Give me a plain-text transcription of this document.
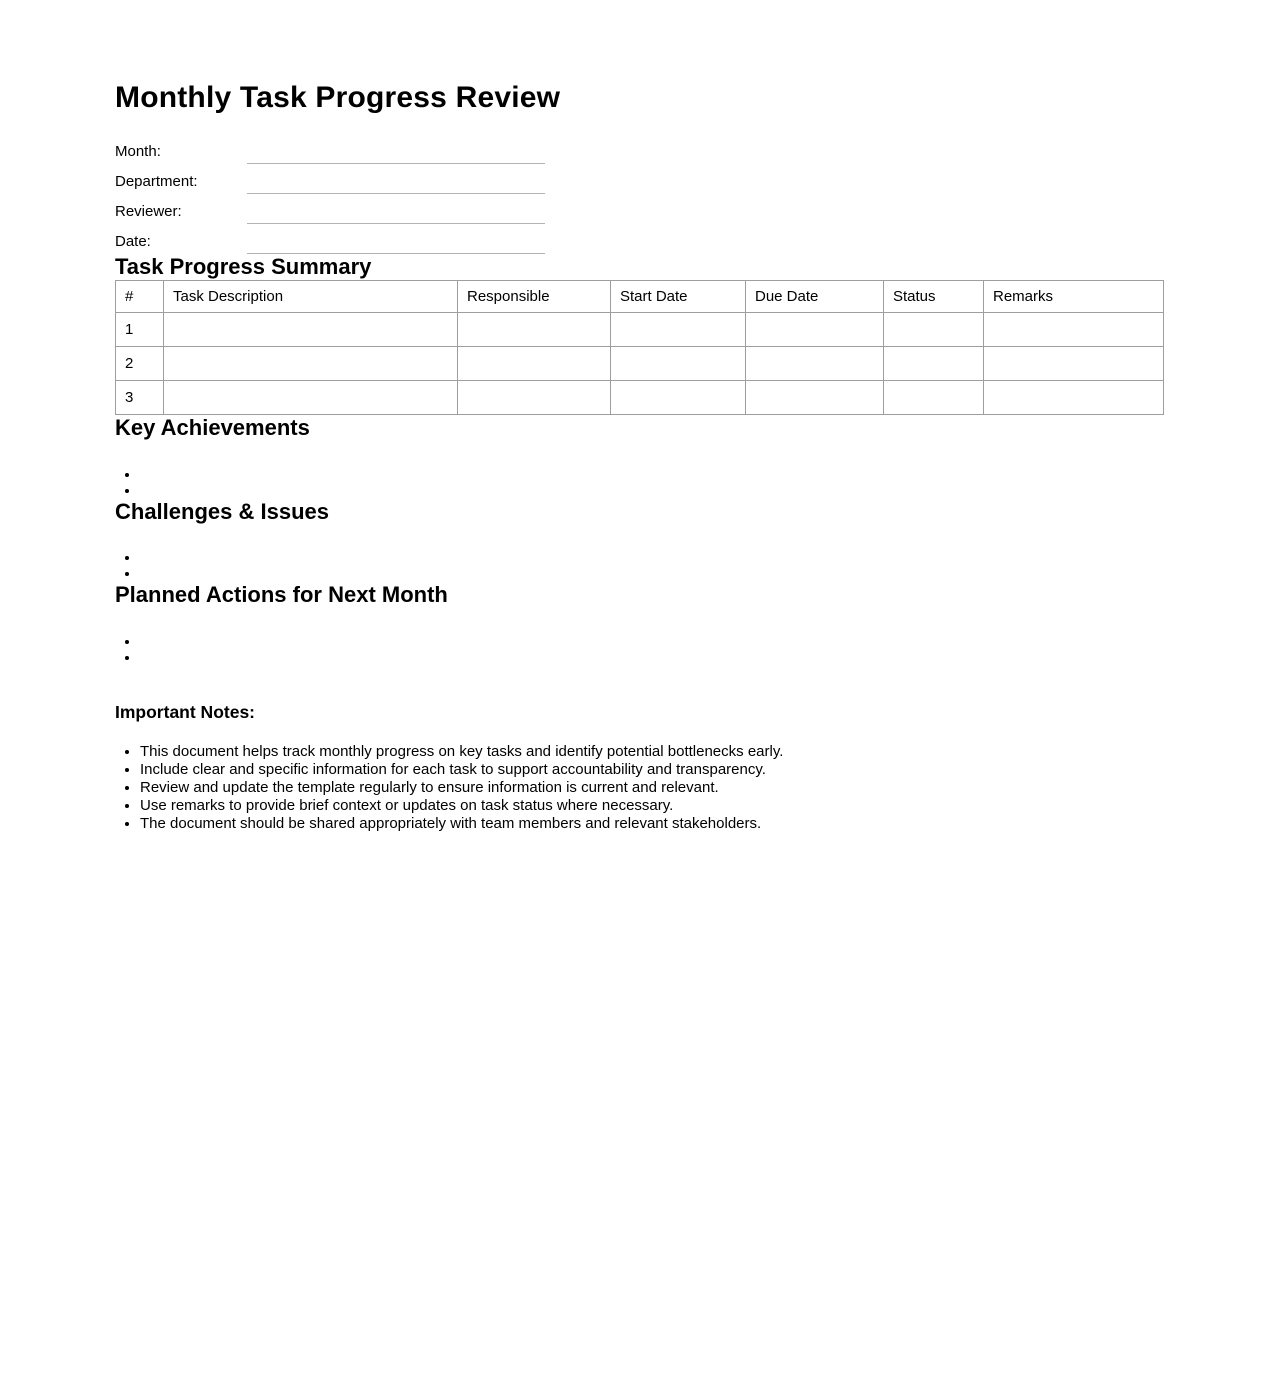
Monthly Task Progress Review
Month:
Department:
Reviewer:
Date:
Task Progress Summary
#	Task Description	Responsible	Start Date	Due Date	Status	Remarks
1						
2						
3						
Key Achievements
• ​
• ​
Challenges & Issues
• ​
• ​
Planned Actions for Next Month
• ​
• ​
Important Notes:
• This document helps track monthly progress on key tasks and identify potential bottlenecks early.
• Include clear and specific information for each task to support accountability and transparency.
• Review and update the template regularly to ensure information is current and relevant.
• Use remarks to provide brief context or updates on task status where necessary.
• The document should be shared appropriately with team members and relevant stakeholders.
